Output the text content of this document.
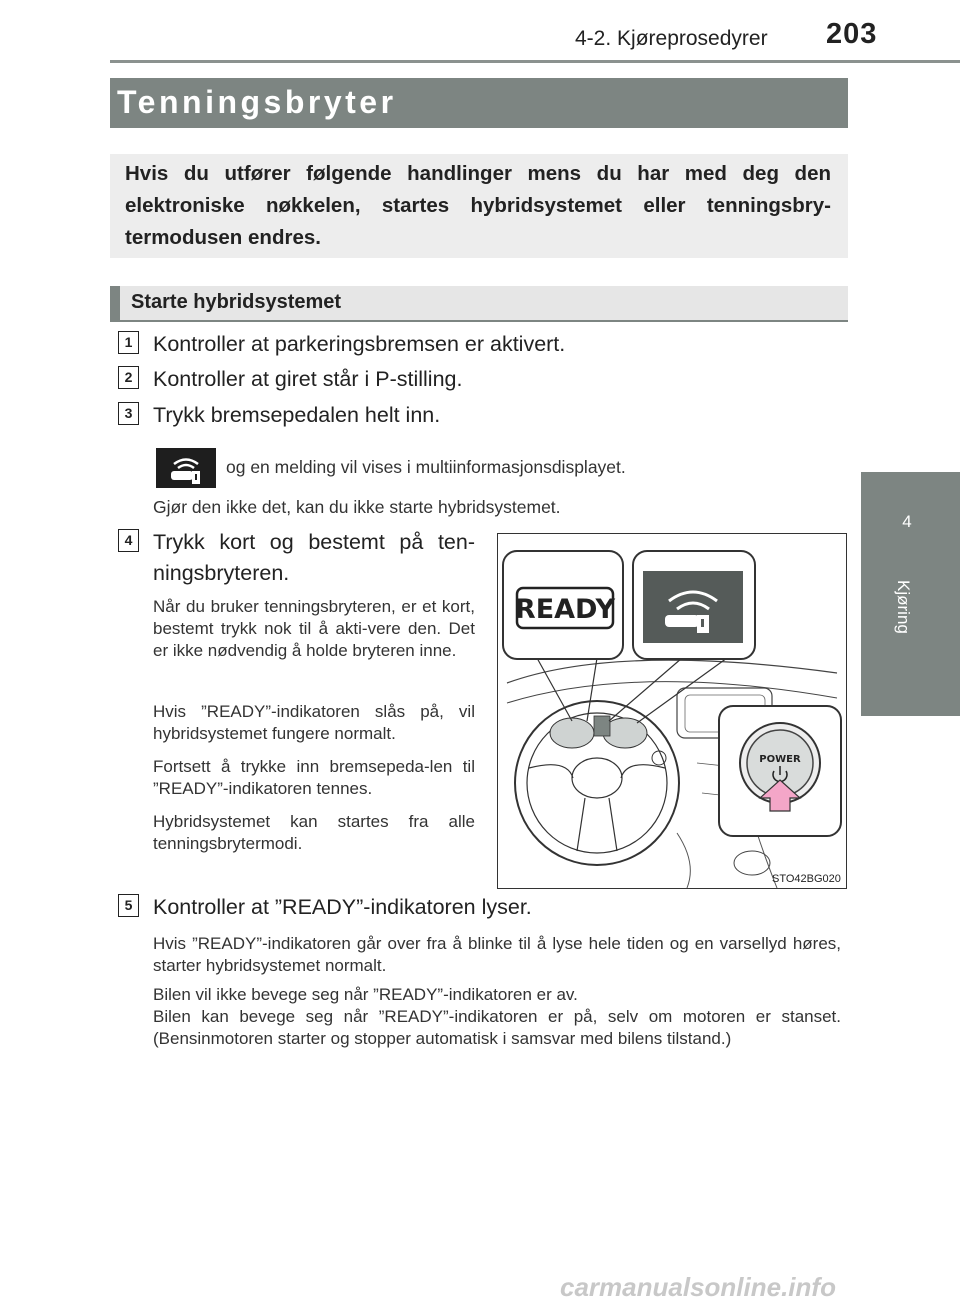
4-2. Kjøreprosedyrer 203
4
Kjøring
Tenningsbryter
Hvis du utfører følgende handlinger mens du har med deg den elektroniske nøkkelen, startes hybridsystemet eller tenningsbry-termodusen endres.
Starte hybridsystemet
1 Kontroller at parkeringsbremsen er aktivert.
2 Kontroller at giret står i P-stilling.
3 Trykk bremsepedalen helt inn.
og en melding vil vises i multiinformasjonsdisplayet.
Gjør den ikke det, kan du ikke starte hybridsystemet.
4 Trykk kort og bestemt på ten-ningsbryteren.
Når du bruker tenningsbryteren, er et kort, bestemt trykk nok til å akti-vere den. Det er ikke nødvendig å holde bryteren inne.
Hvis ”READY”-indikatoren slås på, vil hybridsystemet fungere normalt.
Fortsett å trykke inn bremsepeda-len til ”READY”-indikatoren tennes.
Hybridsystemet kan startes fra alle tenningsbrytermodi.
READY
POWER
STO42BG020
5 Kontroller at ”READY”-indikatoren lyser.
Hvis ”READY”-indikatoren går over fra å blinke til å lyse hele tiden og en varsellyd høres, starter hybridsystemet normalt.
Bilen vil ikke bevege seg når ”READY”-indikatoren er av.
Bilen kan bevege seg når ”READY”-indikatoren er på, selv om motoren er stanset. (Bensinmotoren starter og stopper automatisk i samsvar med bilens tilstand.)
carmanualsonline.info
